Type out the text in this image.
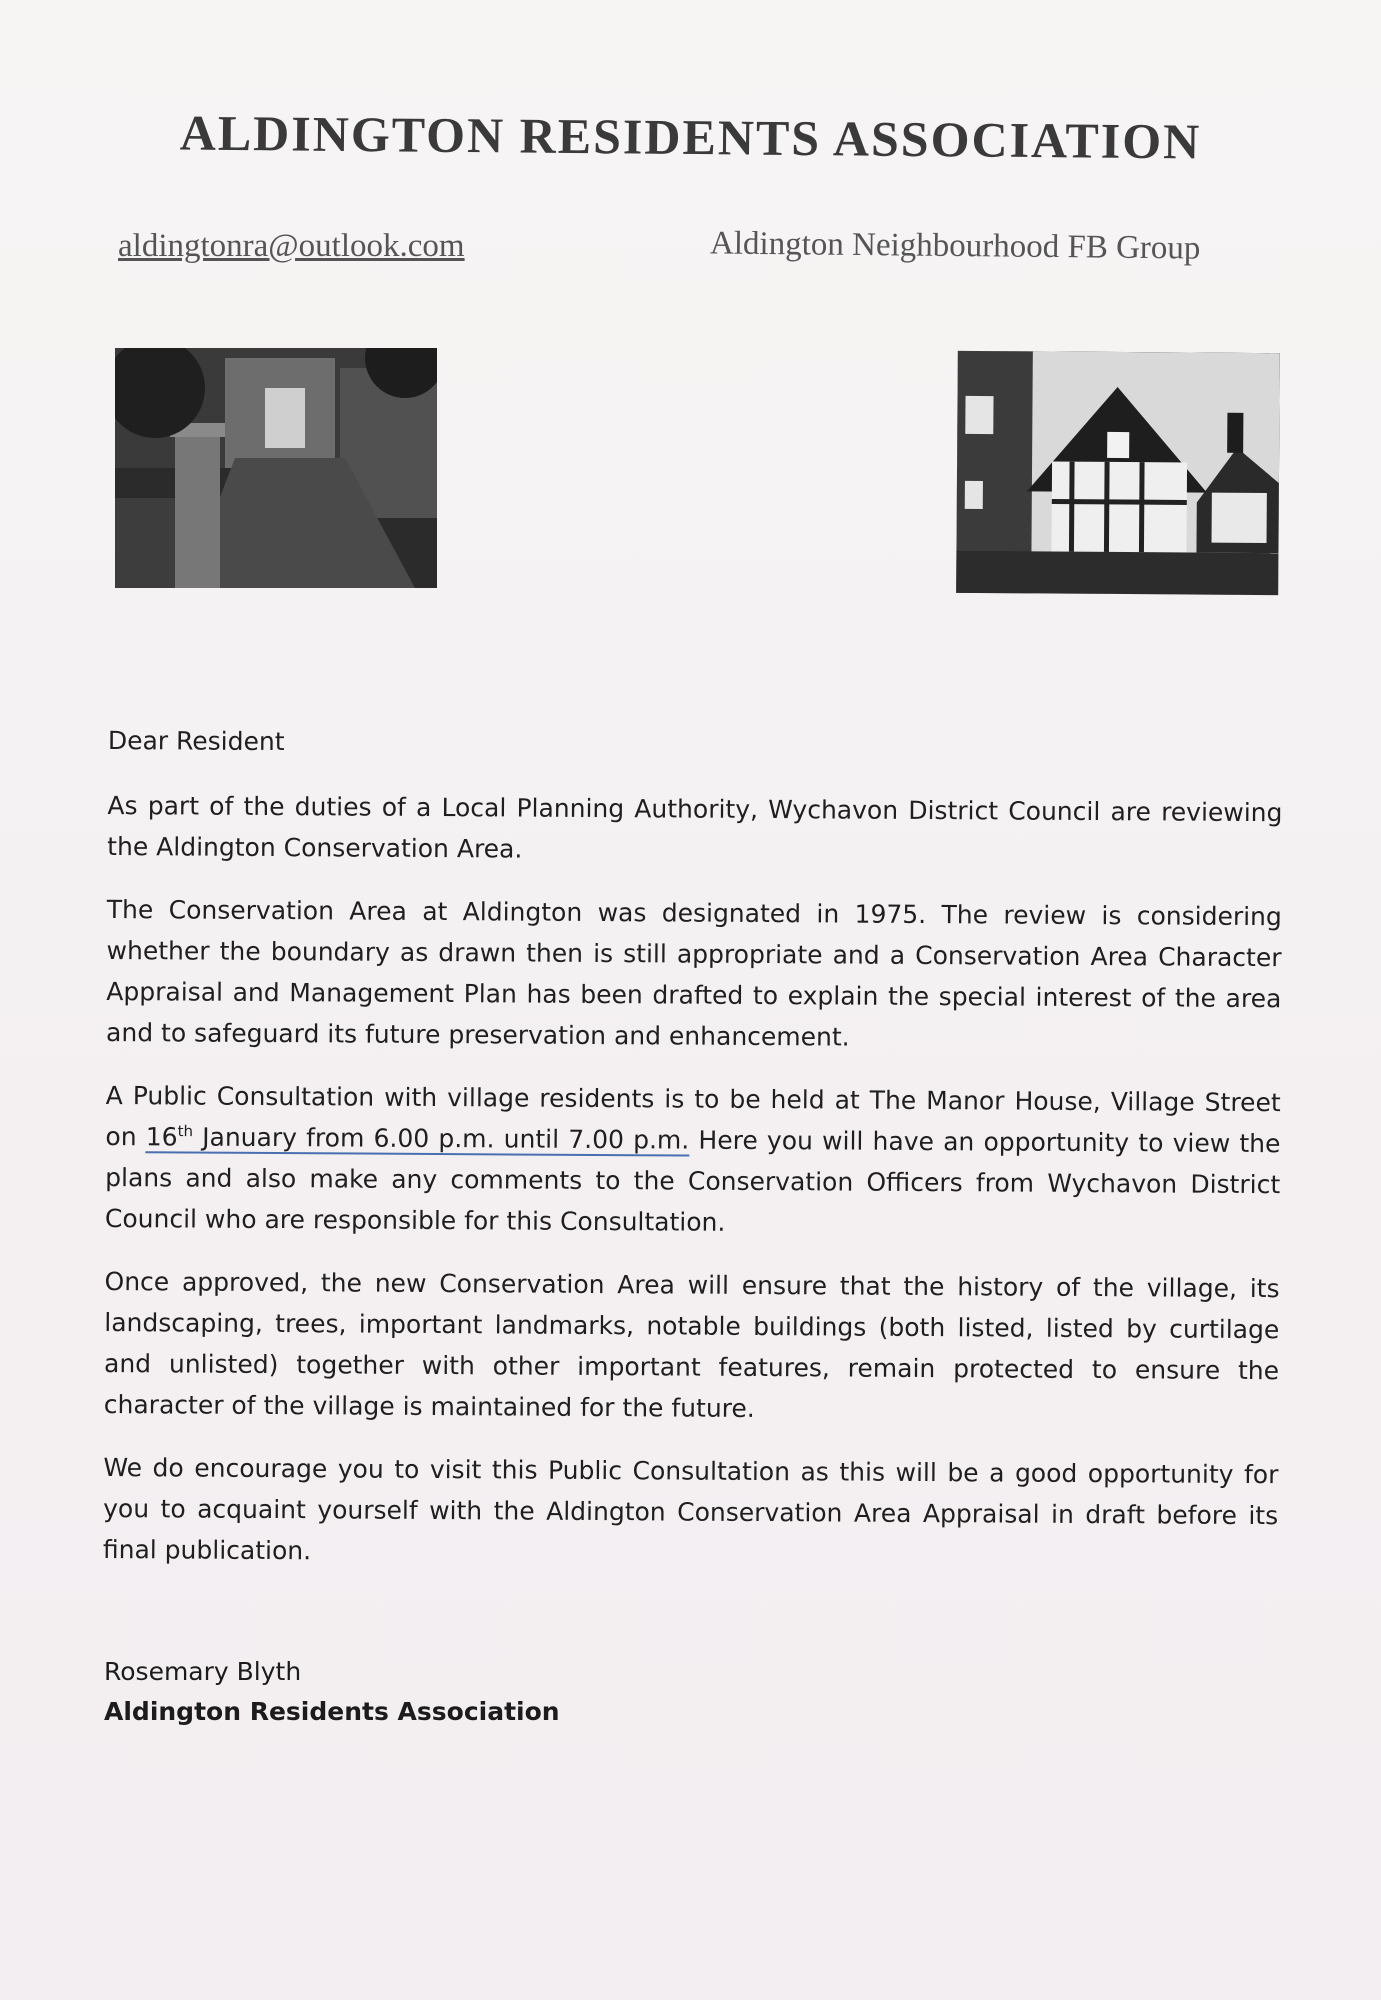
ALDINGTON RESIDENTS ASSOCIATION
aldingtonra@outlook.com	Aldington Neighbourhood FB Group

Dear Resident

As part of the duties of a Local Planning Authority, Wychavon District Council are reviewing the Aldington Conservation Area.

The Conservation Area at Aldington was designated in 1975. The review is considering whether the boundary as drawn then is still appropriate and a Conservation Area Character Appraisal and Management Plan has been drafted to explain the special interest of the area and to safeguard its future preservation and enhancement.

A Public Consultation with village residents is to be held at The Manor House, Village Street on 16th January from 6.00 p.m. until 7.00 p.m. Here you will have an opportunity to view the plans and also make any comments to the Conservation Officers from Wychavon District Council who are responsible for this Consultation.

Once approved, the new Conservation Area will ensure that the history of the village, its landscaping, trees, important landmarks, notable buildings (both listed, listed by curtilage and unlisted) together with other important features, remain protected to ensure the character of the village is maintained for the future.

We do encourage you to visit this Public Consultation as this will be a good opportunity for you to acquaint yourself with the Aldington Conservation Area Appraisal in draft before its final publication.

Rosemary Blyth
Aldington Residents Association
